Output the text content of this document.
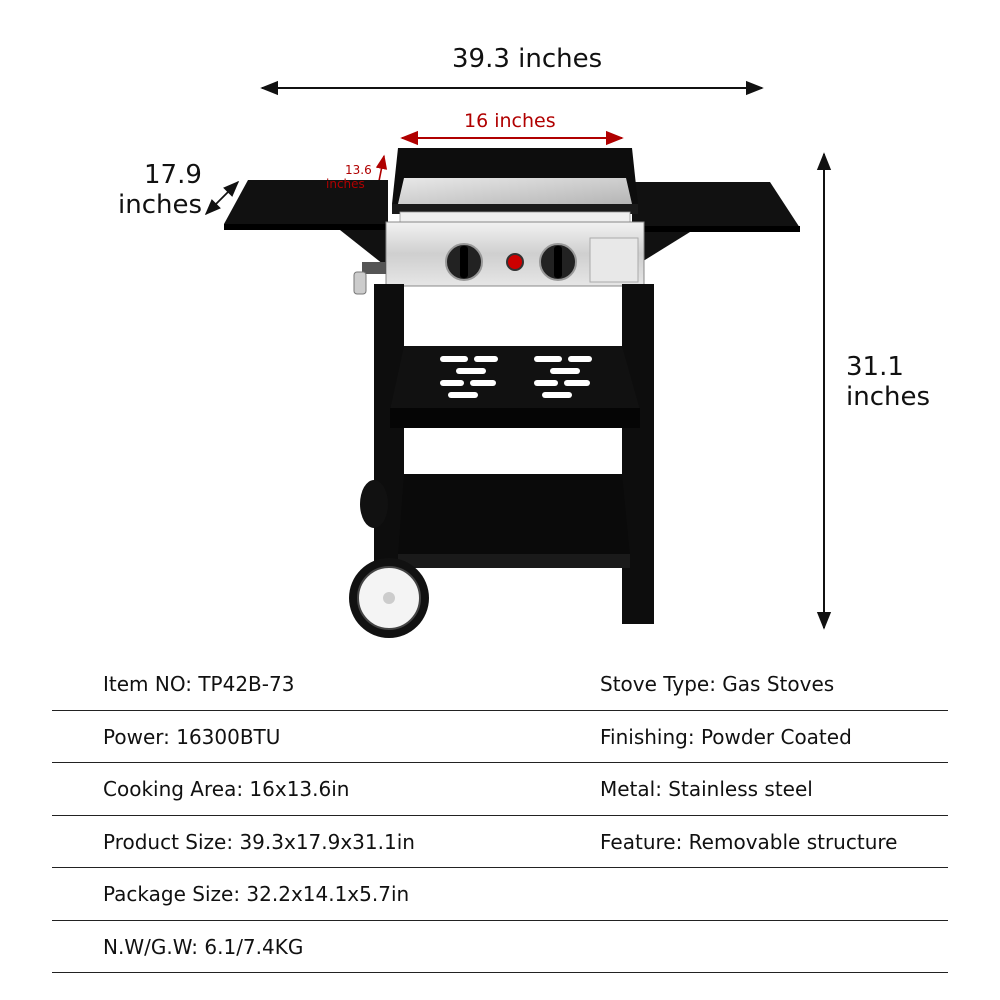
39.3 inches
16 inches
13.6
inches
17.9
inches
31.1
inches
Item NO: TP42B-73	Stove Type: Gas Stoves
Power: 16300BTU	Finishing: Powder Coated
Cooking Area: 16x13.6in	Metal: Stainless steel
Product Size: 39.3x17.9x31.1in	Feature: Removable structure
Package Size: 32.2x14.1x5.7in
N.W/G.W: 6.1/7.4KG
